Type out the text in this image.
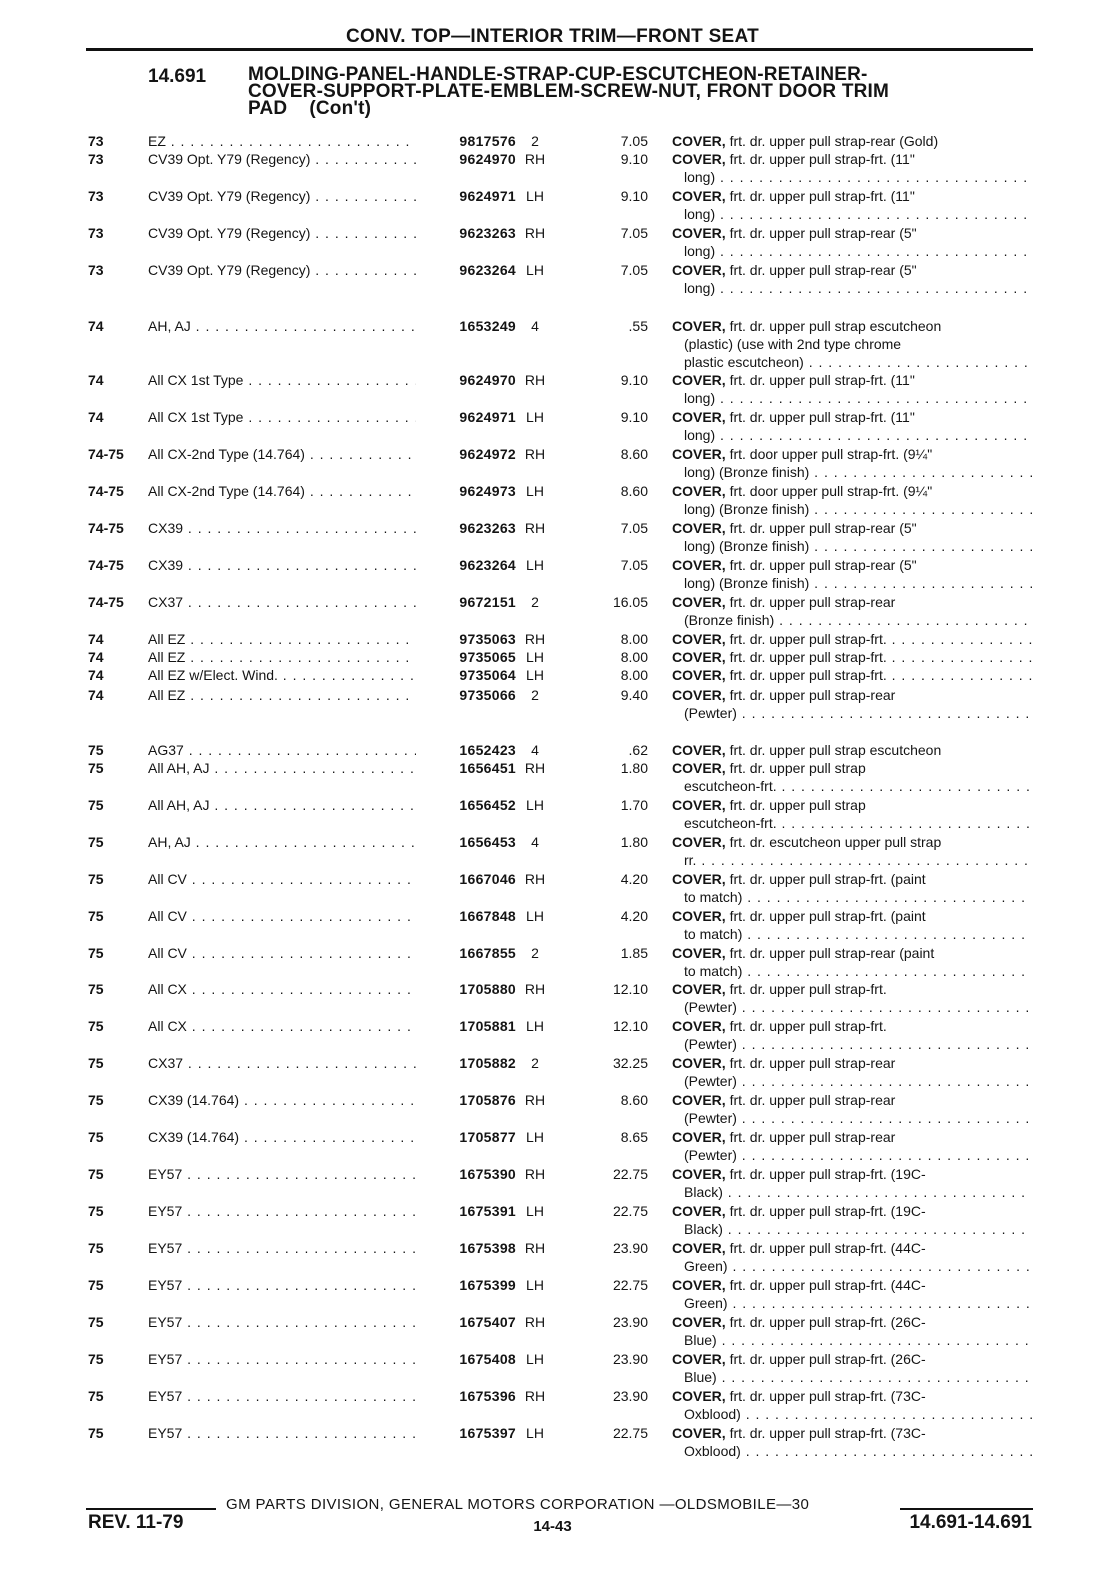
CONV. TOP—INTERIOR TRIM—FRONT SEAT
14.691 MOLDING-PANEL-HANDLE-STRAP-CUP-ESCUTCHEON-RETAINER-
COVER-SUPPORT-PLATE-EMBLEM-SCREW-NUT, FRONT DOOR TRIM
PAD (Con't)
73	EZ . . .	9817576	2	7.05 COVER, frt. dr. upper pull strap-rear (Gold)
73	CV39 Opt. Y79 (Regency) . . .	9624970 RH	9.10 COVER, frt. dr. upper pull strap-frt. (11"
long) . . .
73	CV39 Opt. Y79 (Regency) . . .	9624971 LH	9.10 COVER, frt. dr. upper pull strap-frt. (11"
long) . . .
73	CV39 Opt. Y79 (Regency) . . .	9623263 RH	7.05 COVER, frt. dr. upper pull strap-rear (5"
long) . . .
73	CV39 Opt. Y79 (Regency) . . .	9623264 LH	7.05 COVER, frt. dr. upper pull strap-rear (5"
long) . . .
74	AH, AJ . . .	1653249	4	.55 COVER, frt. dr. upper pull strap escutcheon
(plastic) (use with 2nd type chrome
plastic escutcheon) . . .
74	All CX 1st Type . . .	9624970 RH	9.10 COVER, frt. dr. upper pull strap-frt. (11"
long) . . .
74	All CX 1st Type . . .	9624971 LH	9.10 COVER, frt. dr. upper pull strap-frt. (11"
long) . . .
74-75 All CX-2nd Type (14.764) . . .	9624972 RH	8.60 COVER, frt. door upper pull strap-frt. (9¼"
long) (Bronze finish) . . .
74-75 All CX-2nd Type (14.764) . . .	9624973 LH	8.60 COVER, frt. door upper pull strap-frt. (9¼"
long) (Bronze finish) . . .
74-75 CX39 . . .	9623263 RH	7.05 COVER, frt. dr. upper pull strap-rear (5"
long) (Bronze finish) . . .
74-75 CX39 . . .	9623264 LH	7.05 COVER, frt. dr. upper pull strap-rear (5"
long) (Bronze finish) . . .
74-75 CX37 . . .	9672151	2	16.05 COVER, frt. dr. upper pull strap-rear
(Bronze finish) . . .
74	All EZ . . .	9735063 RH	8.00 COVER, frt. dr. upper pull strap-frt. . . .
74	All EZ . . .	9735065 LH	8.00 COVER, frt. dr. upper pull strap-frt. . . .
74	All EZ w/Elect. Wind. . . .	9735064 LH	8.00 COVER, frt. dr. upper pull strap-frt. . . .
74	All EZ . . .	9735066	2	9.40 COVER, frt. dr. upper pull strap-rear
(Pewter) . . .
75	AG37 . . .	1652423	4	.62 COVER, frt. dr. upper pull strap escutcheon
75	All AH, AJ . . .	1656451 RH	1.80 COVER, frt. dr. upper pull strap
escutcheon-frt. . . .
75	All AH, AJ . . .	1656452 LH	1.70 COVER, frt. dr. upper pull strap
escutcheon-frt. . . .
75	AH, AJ . . .	1656453	4	1.80 COVER, frt. dr. escutcheon upper pull strap
rr. . . .
75	All CV . . .	1667046 RH	4.20 COVER, frt. dr. upper pull strap-frt. (paint
to match) . . .
75	All CV . . .	1667848 LH	4.20 COVER, frt. dr. upper pull strap-frt. (paint
to match) . . .
75	All CV . . .	1667855	2	1.85 COVER, frt. dr. upper pull strap-rear (paint
to match) . . .
75	All CX . . .	1705880 RH	12.10 COVER, frt. dr. upper pull strap-frt.
(Pewter) . . .
75	All CX . . .	1705881 LH	12.10 COVER, frt. dr. upper pull strap-frt.
(Pewter) . . .
75	CX37 . . .	1705882	2	32.25 COVER, frt. dr. upper pull strap-rear
(Pewter) . . .
75	CX39 (14.764) . . .	1705876 RH	8.60 COVER, frt. dr. upper pull strap-rear
(Pewter) . . .
75	CX39 (14.764) . . .	1705877 LH	8.65 COVER, frt. dr. upper pull strap-rear
(Pewter) . . .
75	EY57 . . .	1675390 RH	22.75 COVER, frt. dr. upper pull strap-frt. (19C-
Black) . . .
75	EY57 . . .	1675391 LH	22.75 COVER, frt. dr. upper pull strap-frt. (19C-
Black) . . .
75	EY57 . . .	1675398 RH	23.90 COVER, frt. dr. upper pull strap-frt. (44C-
Green) . . .
75	EY57 . . .	1675399 LH	22.75 COVER, frt. dr. upper pull strap-frt. (44C-
Green) . . .
75	EY57 . . .	1675407 RH	23.90 COVER, frt. dr. upper pull strap-frt. (26C-
Blue) . . .
75	EY57 . . .	1675408 LH	23.90 COVER, frt. dr. upper pull strap-frt. (26C-
Blue) . . .
75	EY57 . . .	1675396 RH	23.90 COVER, frt. dr. upper pull strap-frt. (73C-
Oxblood) . . .
75	EY57 . . .	1675397 LH	22.75 COVER, frt. dr. upper pull strap-frt. (73C-
Oxblood) . . .
GM PARTS DIVISION, GENERAL MOTORS CORPORATION —OLDSMOBILE—30
REV. 11-79	14-43	14.691-14.691
